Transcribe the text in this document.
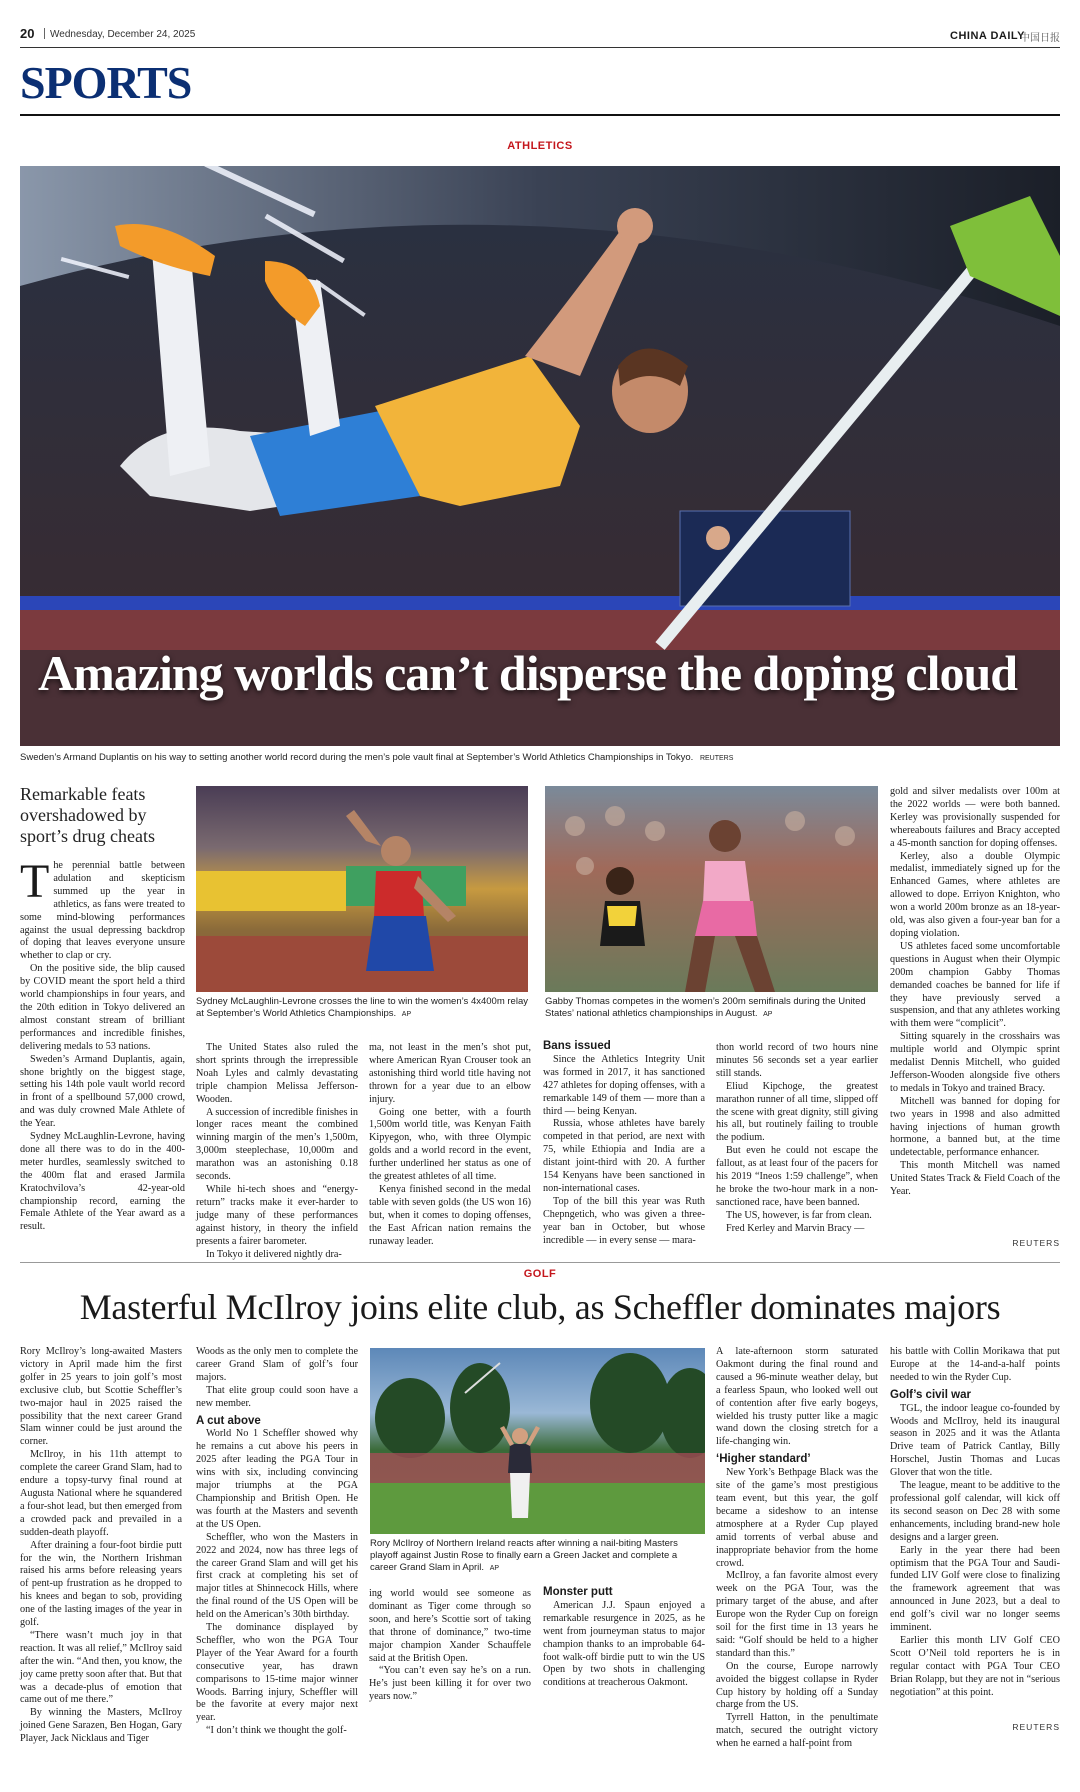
20 Wednesday, December 24, 2025	CHINA DAILY
中国日报
SPORTS
ATHLETICS
Amazing worlds can’t disperse the doping cloud
Sweden’s Armand Duplantis on his way to setting another world record during the men’s pole vault final at September’s World Athletics Championships in Tokyo. REUTERS
Remarkable feats overshadowed by sport’s drug cheats
Sydney McLaughlin-Levrone crosses the line to win the women’s 4x400m relay at September’s World Athletics Championships. AP
Gabby Thomas competes in the women’s 200m semifinals during the United States’ national athletics championships in August. AP
T he perennial battle between adulation and skepticism summed up the year in athletics, as fans were treated to some mind-blowing performances against the usual depressing backdrop of doping that leaves everyone unsure whether to clap or cry.

On the positive side, the blip caused by COVID meant the sport held a third world championships in four years, and the 20th edition in Tokyo delivered an almost constant stream of brilliant performances and incredible finishes, delivering medals to 53 nations.

Sweden’s Armand Duplantis, again, shone brightly on the biggest stage, setting his 14th pole vault world record in front of a spellbound 57,000 crowd, and was duly crowned Male Athlete of the Year.

Sydney McLaughlin-Levrone, having done all there was to do in the 400-meter hurdles, seamlessly switched to the 400m flat and erased Jarmila Kratochvilova’s 42-year-old championship record, earning the Female Athlete of the Year award as a result.

The United States also ruled the short sprints through the irrepressible Noah Lyles and calmly devastating triple champion Melissa Jefferson-Wooden.

A succession of incredible finishes in longer races meant the combined winning margin of the men’s 1,500m, 3,000m steeplechase, 10,000m and marathon was an astonishing 0.18 seconds.

While hi-tech shoes and “energy-return” tracks make it ever-harder to judge many of these performances against history, in theory the infield presents a fairer barometer.

In Tokyo it delivered nightly dra-

ma, not least in the men’s shot put, where American Ryan Crouser took an astonishing third world title having not thrown for a year due to an elbow injury.

Going one better, with a fourth 1,500m world title, was Kenyan Faith Kipyegon, who, with three Olympic golds and a world record in the event, further underlined her status as one of the greatest athletes of all time.

Kenya finished second in the medal table with seven golds (the US won 16) but, when it comes to doping offenses, the East African nation remains the runaway leader.

Bans issued

Since the Athletics Integrity Unit was formed in 2017, it has sanctioned 427 athletes for doping offenses, with a remarkable 149 of them — more than a third — being Kenyan.

Russia, whose athletes have barely competed in that period, are next with 75, while Ethiopia and India are a distant joint-third with 20. A further 154 Kenyans have been sanctioned in non-international cases.

Top of the bill this year was Ruth Chepngetich, who was given a three-year ban in October, but whose incredible — in every sense — mara-

thon world record of two hours nine minutes 56 seconds set a year earlier still stands.

Eliud Kipchoge, the greatest marathon runner of all time, slipped off the scene with great dignity, still giving his all, but routinely failing to trouble the podium.

But even he could not escape the fallout, as at least four of the pacers for his 2019 “Ineos 1:59 challenge”, when he broke the two-hour mark in a non-sanctioned race, have been banned.

The US, however, is far from clean.

Fred Kerley and Marvin Bracy —

gold and silver medalists over 100m at the 2022 worlds — were both banned. Kerley was provisionally suspended for whereabouts failures and Bracy accepted a 45-month sanction for doping offenses.

Kerley, also a double Olympic medalist, immediately signed up for the Enhanced Games, where athletes are allowed to dope. Erriyon Knighton, who won a world 200m bronze as an 18-year-old, was also given a four-year ban for a doping violation.

US athletes faced some uncomfortable questions in August when their Olympic 200m champion Gabby Thomas demanded coaches be banned for life if they have previously served a suspension, and that any athletes working with them were “complicit”.

Sitting squarely in the crosshairs was multiple world and Olympic sprint medalist Dennis Mitchell, who guided Jefferson-Wooden alongside five others to medals in Tokyo and trained Bracy.

Mitchell was banned for doping for two years in 1998 and also admitted having injections of human growth hormone, a banned but, at the time undetectable, performance enhancer.

This month Mitchell was named United States Track & Field Coach of the Year.

REUTERS
GOLF
Masterful McIlroy joins elite club, as Scheffler dominates majors

Rory McIlroy’s long-awaited Masters victory in April made him the first golfer in 25 years to join golf’s most exclusive club, but Scottie Scheffler’s two-major haul in 2025 raised the possibility that the next career Grand Slam winner could be just around the corner.

McIlroy, in his 11th attempt to complete the career Grand Slam, had to endure a topsy-turvy final round at Augusta National where he squandered a four-shot lead, but then emerged from a crowded pack and prevailed in a sudden-death playoff.

After draining a four-foot birdie putt for the win, the Northern Irishman raised his arms before releasing years of pent-up frustration as he dropped to his knees and began to sob, providing one of the lasting images of the year in golf.

“There wasn’t much joy in that reaction. It was all relief,” McIlroy said after the win. “And then, you know, the joy came pretty soon after that. But that was a decade-plus of emotion that came out of me there.”

By winning the Masters, McIlroy joined Gene Sarazen, Ben Hogan, Gary Player, Jack Nicklaus and Tiger

Woods as the only men to complete the career Grand Slam of golf’s four majors.

That elite group could soon have a new member.

A cut above

World No 1 Scheffler showed why he remains a cut above his peers in 2025 after leading the PGA Tour in wins with six, including convincing major triumphs at the PGA Championship and British Open. He was fourth at the Masters and seventh at the US Open.

Scheffler, who won the Masters in 2022 and 2024, now has three legs of the career Grand Slam and will get his first crack at completing his set of major titles at Shinnecock Hills, where the final round of the US Open will be held on the American’s 30th birthday.

The dominance displayed by Scheffler, who won the PGA Tour Player of the Year Award for a fourth consecutive year, has drawn comparisons to 15-time major winner Woods. Barring injury, Scheffler will be the favorite at every major next year.

“I don’t think we thought the golf-

Rory McIlroy of Northern Ireland reacts after winning a nail-biting Masters playoff against Justin Rose to finally earn a Green Jacket and complete a career Grand Slam in April. AP

ing world would see someone as dominant as Tiger come through so soon, and here’s Scottie sort of taking that throne of dominance,” two-time major champion Xander Schauffele said at the British Open.

“You can’t even say he’s on a run. He’s just been killing it for over two years now.”

Monster putt

American J.J. Spaun enjoyed a remarkable resurgence in 2025, as he went from journeyman status to major champion thanks to an improbable 64-foot walk-off birdie putt to win the US Open by two shots in challenging conditions at treacherous Oakmont.

A late-afternoon storm saturated Oakmont during the final round and caused a 96-minute weather delay, but a fearless Spaun, who looked well out of contention after five early bogeys, wielded his trusty putter like a magic wand down the closing stretch for a life-changing win.

‘Higher standard’

New York’s Bethpage Black was the site of the game’s most prestigious team event, but this year, the golf became a sideshow to an intense atmosphere at a Ryder Cup played amid torrents of verbal abuse and inappropriate behavior from the home crowd.

McIlroy, a fan favorite almost every week on the PGA Tour, was the primary target of the abuse, and after Europe won the Ryder Cup on foreign soil for the first time in 13 years he said: “Golf should be held to a higher standard than this.”

On the course, Europe narrowly avoided the biggest collapse in Ryder Cup history by holding off a Sunday charge from the US.

Tyrrell Hatton, in the penultimate match, secured the outright victory when he earned a half-point from

his battle with Collin Morikawa that put Europe at the 14-and-a-half points needed to win the Ryder Cup.

Golf’s civil war

TGL, the indoor league co-founded by Woods and McIlroy, held its inaugural season in 2025 and it was the Atlanta Drive team of Patrick Cantlay, Billy Horschel, Justin Thomas and Lucas Glover that won the title.

The league, meant to be additive to the professional golf calendar, will kick off its second season on Dec 28 with some enhancements, including brand-new hole designs and a larger green.

Early in the year there had been optimism that the PGA Tour and Saudi-funded LIV Golf were close to finalizing the framework agreement that was announced in June 2023, but a deal to end golf’s civil war no longer seems imminent.

Earlier this month LIV Golf CEO Scott O’Neil told reporters he is in regular contact with PGA Tour CEO Brian Rolapp, but they are not in “serious negotiation” at this point.

REUTERS
